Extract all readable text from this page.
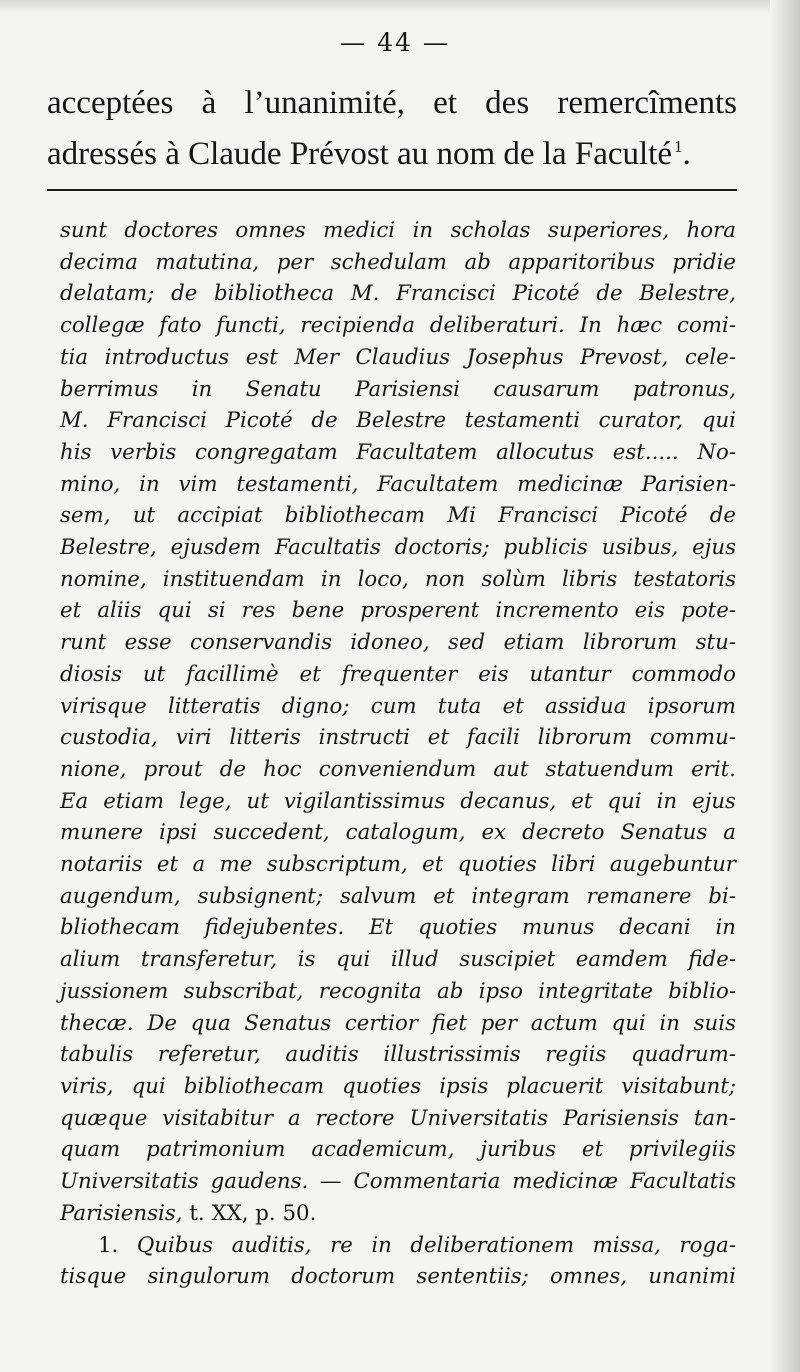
— 44 —
acceptées à l’unanimité, et des remercîments
adressés à Claude Prévost au nom de la Faculté $^1$.
sunt doctores omnes medici in scholas superiores, hora
decima matutina, per schedulam ab apparitoribus pridie
delatam; de bibliotheca M. Francisci Picoté de Belestre,
collegæ fato functi, recipienda deliberaturi. In hæc comi-
tia introductus est Mer Claudius Josephus Prevost, cele-
berrimus in Senatu Parisiensi causarum patronus,
M. Francisci Picoté de Belestre testamenti curator, qui
his verbis congregatam Facultatem allocutus est..... No-
mino, in vim testamenti, Facultatem medicinæ Parisien-
sem, ut accipiat bibliothecam Mi Francisci Picoté de
Belestre, ejusdem Facultatis doctoris; publicis usibus, ejus
nomine, instituendam in loco, non solùm libris testatoris
et aliis qui si res bene prosperent incremento eis pote-
runt esse conservandis idoneo, sed etiam librorum stu-
diosis ut facillimè et frequenter eis utantur commodo
virisque litteratis digno; cum tuta et assidua ipsorum
custodia, viri litteris instructi et facili librorum commu-
nione, prout de hoc conveniendum aut statuendum erit.
Ea etiam lege, ut vigilantissimus decanus, et qui in ejus
munere ipsi succedent, catalogum, ex decreto Senatus a
notariis et a me subscriptum, et quoties libri augebuntur
augendum, subsignent; salvum et integram remanere bi-
bliothecam fidejubentes. Et quoties munus decani in
alium transferetur, is qui illud suscipiet eamdem fide-
jussionem subscribat, recognita ab ipso integritate biblio-
thecæ. De qua Senatus certior fiet per actum qui in suis
tabulis referetur, auditis illustrissimis regiis quadrum-
viris, qui bibliothecam quoties ipsis placuerit visitabunt;
quæque visitabitur a rectore Universitatis Parisiensis tan-
quam patrimonium academicum, juribus et privilegiis
Universitatis gaudens. — Commentaria medicinæ Facultatis
Parisiensis, t. XX, p. 50.
1. Quibus auditis, re in deliberationem missa, roga-
tisque singulorum doctorum sententiis; omnes, unanimi
